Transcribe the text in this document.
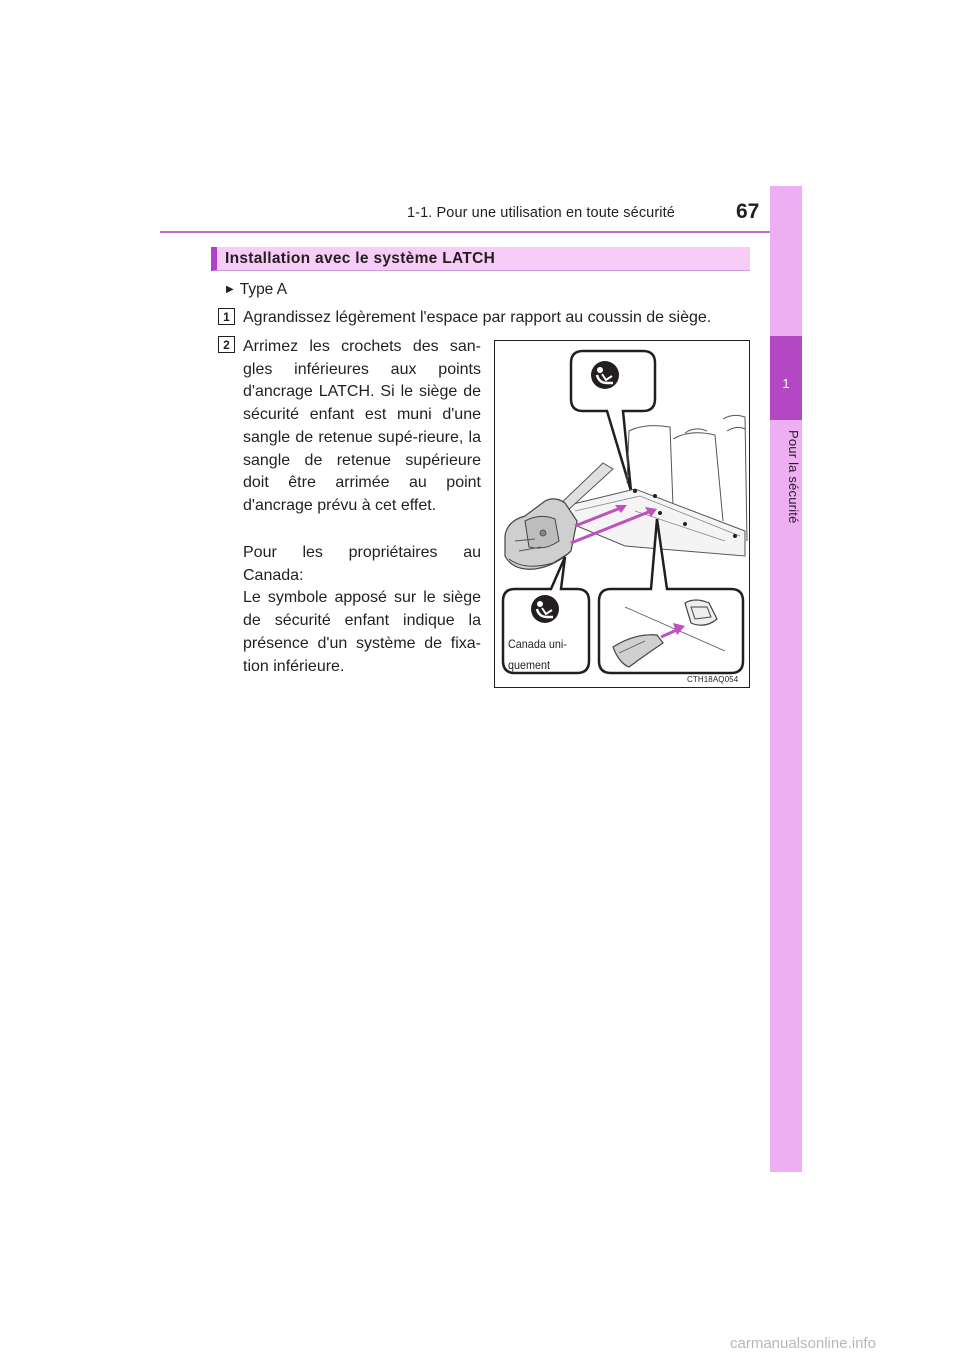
1-1. Pour une utilisation en toute sécurité	67
1
Pour la sécurité
Installation avec le système LATCH
▶ Type A
1 Agrandissez légèrement l'espace par rapport au coussin de siège.
2 Arrimez les crochets des san-gles inférieures aux points d'ancrage LATCH. Si le siège de sécurité enfant est muni d'une sangle de retenue supé-rieure, la sangle de retenue supérieure doit être arrimée au point d'ancrage prévu à cet effet.

Pour les propriétaires au Canada:

Le symbole apposé sur le siège de sécurité enfant indique la présence d'un système de fixa-tion inférieure.

Canada uni-
quement
CTH18AQ054
carmanualsonline.info
